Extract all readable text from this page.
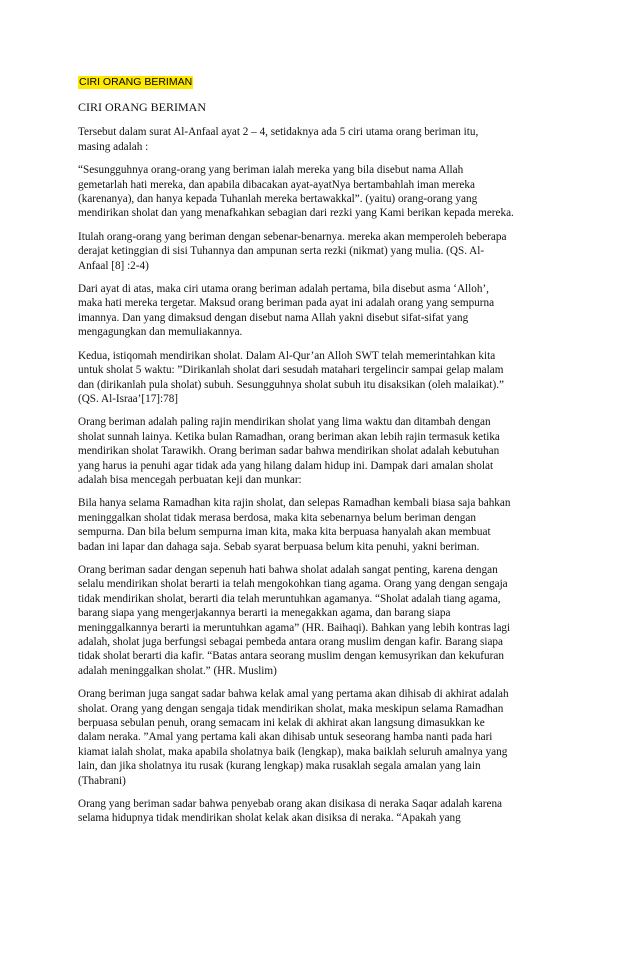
CIRI ORANG BERIMAN

CIRI ORANG BERIMAN

Tersebut dalam surat Al-Anfaal ayat 2 – 4, setidaknya ada 5 ciri utama orang beriman itu,
masing adalah :

“Sesungguhnya orang-orang yang beriman ialah mereka yang bila disebut nama Allah
gemetarlah hati mereka, dan apabila dibacakan ayat-ayatNya bertambahlah iman mereka
(karenanya), dan hanya kepada Tuhanlah mereka bertawakkal”. (yaitu) orang-orang yang
mendirikan sholat dan yang menafkahkan sebagian dari rezki yang Kami berikan kepada mereka.

Itulah orang-orang yang beriman dengan sebenar-benarnya. mereka akan memperoleh beberapa
derajat ketinggian di sisi Tuhannya dan ampunan serta rezki (nikmat) yang mulia. (QS. Al-
Anfaal [8] :2-4)

Dari ayat di atas, maka ciri utama orang beriman adalah pertama, bila disebut asma ‘Alloh’,
maka hati mereka tergetar. Maksud orang beriman pada ayat ini adalah orang yang sempurna
imannya. Dan yang dimaksud dengan disebut nama Allah yakni disebut sifat-sifat yang
mengagungkan dan memuliakannya.

Kedua, istiqomah mendirikan sholat. Dalam Al-Qur’an Alloh SWT telah memerintahkan kita
untuk sholat 5 waktu: ”Dirikanlah sholat dari sesudah matahari tergelincir sampai gelap malam
dan (dirikanlah pula sholat) subuh. Sesungguhnya sholat subuh itu disaksikan (oleh malaikat).”
(QS. Al-Israa’[17]:78]

Orang beriman adalah paling rajin mendirikan sholat yang lima waktu dan ditambah dengan
sholat sunnah lainya. Ketika bulan Ramadhan, orang beriman akan lebih rajin termasuk ketika
mendirikan sholat Tarawikh. Orang beriman sadar bahwa mendirikan sholat adalah kebutuhan
yang harus ia penuhi agar tidak ada yang hilang dalam hidup ini. Dampak dari amalan sholat
adalah bisa mencegah perbuatan keji dan munkar:

Bila hanya selama Ramadhan kita rajin sholat, dan selepas Ramadhan kembali biasa saja bahkan
meninggalkan sholat tidak merasa berdosa, maka kita sebenarnya belum beriman dengan
sempurna. Dan bila belum sempurna iman kita, maka kita berpuasa hanyalah akan membuat
badan ini lapar dan dahaga saja. Sebab syarat berpuasa belum kita penuhi, yakni beriman.

Orang beriman sadar dengan sepenuh hati bahwa sholat adalah sangat penting, karena dengan
selalu mendirikan sholat berarti ia telah mengokohkan tiang agama. Orang yang dengan sengaja
tidak mendirikan sholat, berarti dia telah meruntuhkan agamanya. “Sholat adalah tiang agama,
barang siapa yang mengerjakannya berarti ia menegakkan agama, dan barang siapa
meninggalkannya berarti ia meruntuhkan agama” (HR. Baihaqi). Bahkan yang lebih kontras lagi
adalah, sholat juga berfungsi sebagai pembeda antara orang muslim dengan kafir. Barang siapa
tidak sholat berarti dia kafir. “Batas antara seorang muslim dengan kemusyrikan dan kekufuran
adalah meninggalkan sholat.” (HR. Muslim)

Orang beriman juga sangat sadar bahwa kelak amal yang pertama akan dihisab di akhirat adalah
sholat. Orang yang dengan sengaja tidak mendirikan sholat, maka meskipun selama Ramadhan
berpuasa sebulan penuh, orang semacam ini kelak di akhirat akan langsung dimasukkan ke
dalam neraka. ”Amal yang pertama kali akan dihisab untuk seseorang hamba nanti pada hari
kiamat ialah sholat, maka apabila sholatnya baik (lengkap), maka baiklah seluruh amalnya yang
lain, dan jika sholatnya itu rusak (kurang lengkap) maka rusaklah segala amalan yang lain
(Thabrani)

Orang yang beriman sadar bahwa penyebab orang akan disikasa di neraka Saqar adalah karena
selama hidupnya tidak mendirikan sholat kelak akan disiksa di neraka. “Apakah yang
